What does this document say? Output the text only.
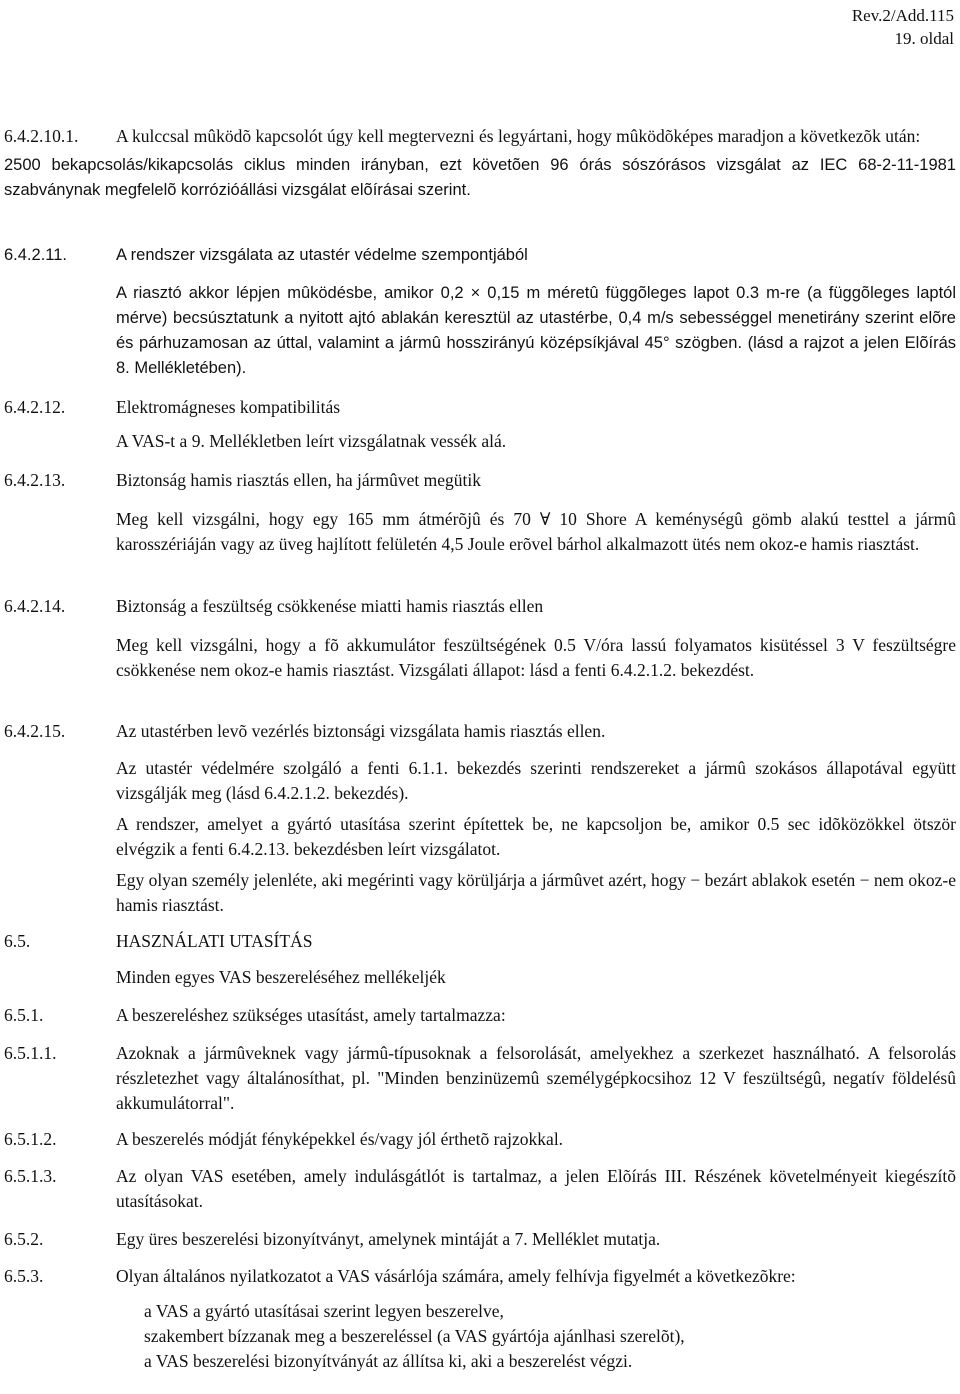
Rev.2/Add.115
19. oldal
6.4.2.10.1. A kulccsal mûködõ kapcsolót úgy kell megtervezni és legyártani, hogy mûködõképes maradjon a következõk után:
2500 bekapcsolás/kikapcsolás ciklus minden irányban, ezt követõen 96 órás sószórásos vizsgálat az IEC 68-2-11-1981 szabványnak megfelelõ korrózióállási vizsgálat elõírásai szerint.
6.4.2.11.	A rendszer vizsgálata az utastér védelme szempontjából
A riasztó akkor lépjen mûködésbe, amikor 0,2 × 0,15 m méretû függõleges lapot 0.3 m-re (a függõleges laptól mérve) becsúsztatunk a nyitott ajtó ablakán keresztül az utastérbe, 0,4 m/s sebességgel menetirány szerint elõre és párhuzamosan az úttal, valamint a jármû hosszirányú középsíkjával 45° szögben. (lásd a rajzot a jelen Elõírás 8. Mellékletében).
6.4.2.12.	Elektromágneses kompatibilitás
A VAS-t a 9. Mellékletben leírt vizsgálatnak vessék alá.
6.4.2.13.	Biztonság hamis riasztás ellen, ha jármûvet megütik
Meg kell vizsgálni, hogy egy 165 mm átmérõjû és 70 ∀ 10 Shore A keménységû gömb alakú testtel a jármû karosszériáján vagy az üveg hajlított felületén 4,5 Joule erõvel bárhol alkalmazott ütés nem okoz-e hamis riasztást.
6.4.2.14.	Biztonság a feszültség csökkenése miatti hamis riasztás ellen
Meg kell vizsgálni, hogy a fõ akkumulátor feszültségének 0.5 V/óra lassú folyamatos kisütéssel 3 V feszültségre csökkenése nem okoz-e hamis riasztást. Vizsgálati állapot: lásd a fenti 6.4.2.1.2. bekezdést.
6.4.2.15.	Az utastérben levõ vezérlés biztonsági vizsgálata hamis riasztás ellen.
Az utastér védelmére szolgáló a fenti 6.1.1. bekezdés szerinti rendszereket a jármû szokásos állapotával együtt vizsgálják meg (lásd 6.4.2.1.2. bekezdés).
A rendszer, amelyet a gyártó utasítása szerint építettek be, ne kapcsoljon be, amikor 0.5 sec idõközökkel ötször elvégzik a fenti 6.4.2.13. bekezdésben leírt vizsgálatot.
Egy olyan személy jelenléte, aki megérinti vagy körüljárja a jármûvet azért, hogy − bezárt ablakok esetén − nem okoz-e hamis riasztást.
6.5.	HASZNÁLATI UTASÍTÁS
Minden egyes VAS beszereléséhez mellékeljék
6.5.1.	A beszereléshez szükséges utasítást, amely tartalmazza:
6.5.1.1.	Azoknak a jármûveknek vagy jármû-típusoknak a felsorolását, amelyekhez a szerkezet használható. A felsorolás részletezhet vagy általánosíthat, pl. "Minden benzinüzemû személygépkocsihoz 12 V feszültségû, negatív földelésû akkumulátorral".
6.5.1.2.	A beszerelés módját fényképekkel és/vagy jól érthetõ rajzokkal.
6.5.1.3.	Az olyan VAS esetében, amely indulásgátlót is tartalmaz, a jelen Elõírás III. Részének követelményeit kiegészítõ utasításokat.
6.5.2.	Egy üres beszerelési bizonyítványt, amelynek mintáját a 7. Melléklet mutatja.
6.5.3.	Olyan általános nyilatkozatot a VAS vásárlója számára, amely felhívja figyelmét a következõkre:
a VAS a gyártó utasításai szerint legyen beszerelve,
szakembert bízzanak meg a beszereléssel (a VAS gyártója ajánlhasi szerelõt),
a VAS beszerelési bizonyítványát az állítsa ki, aki a beszerelést végzi.
